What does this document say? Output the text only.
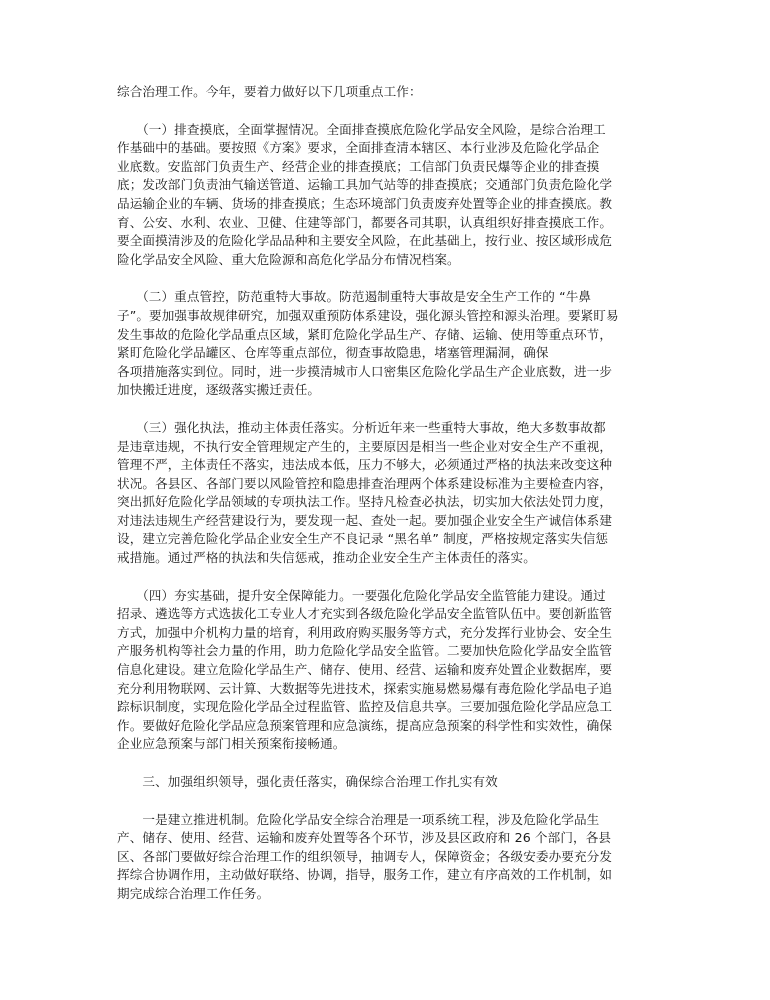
综合治理工作。今年，要着力做好以下几项重点工作：
　　（一）排查摸底，全面掌握情况。全面排查摸底危险化学品安全风险，是综合治理工
作基础中的基础。要按照《方案》要求，全面排查清本辖区、本行业涉及危险化学品企
业底数。安监部门负责生产、经营企业的排查摸底；工信部门负责民爆等企业的排查摸
底；发改部门负责油气输送管道、运输工具加气站等的排查摸底；交通部门负责危险化学
品运输企业的车辆、货场的排查摸底；生态环境部门负责废弃处置等企业的排查摸底。教
育、公安、水利、农业、卫健、住建等部门，都要各司其职，认真组织好排查摸底工作。
要全面摸清涉及的危险化学品品种和主要安全风险，在此基础上，按行业、按区域形成危
险化学品安全风险、重大危险源和高危化学品分布情况档案。
　　（二）重点管控，防范重特大事故。防范遏制重特大事故是安全生产工作的 “牛鼻
子”。要加强事故规律研究，加强双重预防体系建设，强化源头管控和源头治理。要紧盯易
发生事故的危险化学品重点区域，紧盯危险化学品生产、存储、运输、使用等重点环节，
紧盯危险化学品罐区、仓库等重点部位，彻查事故隐患，堵塞管理漏洞，确保
各项措施落实到位。同时，进一步摸清城市人口密集区危险化学品生产企业底数，进一步
加快搬迁进度，逐级落实搬迁责任。
　　（三）强化执法，推动主体责任落实。分析近年来一些重特大事故，绝大多数事故都
是违章违规，不执行安全管理规定产生的，主要原因是相当一些企业对安全生产不重视，
管理不严，主体责任不落实，违法成本低，压力不够大，必须通过严格的执法来改变这种
状况。各县区、各部门要以风险管控和隐患排查治理两个体系建设标准为主要检查内容，
突出抓好危险化学品领域的专项执法工作。坚持凡检查必执法，切实加大依法处罚力度，
对违法违规生产经营建设行为，要发现一起、查处一起。要加强企业安全生产诚信体系建
设，建立完善危险化学品企业安全生产不良记录 “黑名单” 制度，严格按规定落实失信惩
戒措施。通过严格的执法和失信惩戒，推动企业安全生产主体责任的落实。
　　（四）夯实基础，提升安全保障能力。一要强化危险化学品安全监管能力建设。通过
招录、遴选等方式选拔化工专业人才充实到各级危险化学品安全监管队伍中。要创新监管
方式，加强中介机构力量的培育，利用政府购买服务等方式，充分发挥行业协会、安全生
产服务机构等社会力量的作用，助力危险化学品安全监管。二要加快危险化学品安全监管
信息化建设。建立危险化学品生产、储存、使用、经营、运输和废弃处置企业数据库，要
充分利用物联网、云计算、大数据等先进技术，探索实施易燃易爆有毒危险化学品电子追
踪标识制度，实现危险化学品全过程监管、监控及信息共享。三要加强危险化学品应急工
作。要做好危险化学品应急预案管理和应急演练，提高应急预案的科学性和实效性，确保
企业应急预案与部门相关预案衔接畅通。
　　三、加强组织领导，强化责任落实，确保综合治理工作扎实有效
　　一是建立推进机制。危险化学品安全综合治理是一项系统工程，涉及危险化学品生
产、储存、使用、经营、运输和废弃处置等各个环节，涉及县区政府和 26 个部门，各县
区、各部门要做好综合治理工作的组织领导，抽调专人，保障资金；各级安委办要充分发
挥综合协调作用，主动做好联络、协调，指导，服务工作，建立有序高效的工作机制，如
期完成综合治理工作任务。
